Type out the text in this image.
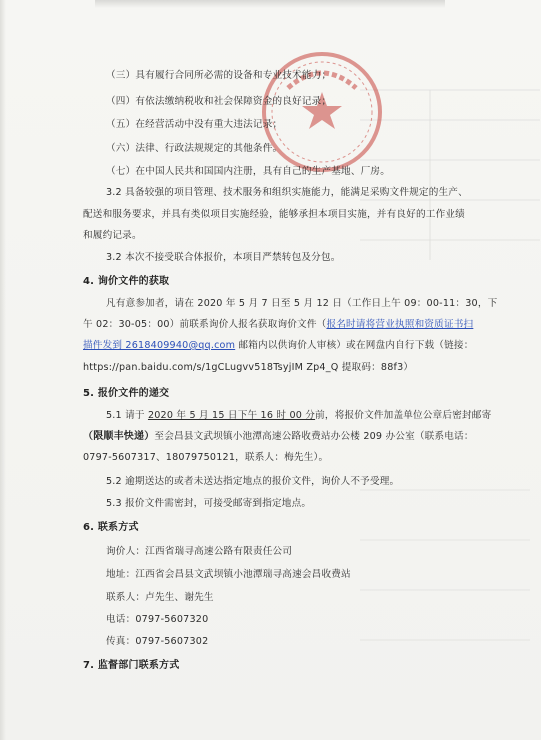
（三）具有履行合同所必需的设备和专业技术能力；
（四）有依法缴纳税收和社会保障资金的良好记录；
（五）在经营活动中没有重大违法记录；
（六）法律、行政法规规定的其他条件。
（七）在中国人民共和国国内注册，具有自己的生产基地、厂房。
3.2 具备较强的项目管理、技术服务和组织实施能力，能满足采购文件规定的生产、
配送和服务要求，并具有类似项目实施经验，能够承担本项目实施，并有良好的工作业绩
和履约记录。
3.2 本次不接受联合体报价，本项目严禁转包及分包。
4. 询价文件的获取
凡有意参加者，请在 2020 年 5 月 7 日至 5 月 12 日（工作日上午 09：00-11：30，下
午 02：30-05：00）前联系询价人报名获取询价文件（报名时请将营业执照和资质证书扫
描件发到 2618409940@qq.com 邮箱内以供询价人审核）或在网盘内自行下载（链接：
https://pan.baidu.com/s/1gCLugvv518TsyjIM Zp4_Q 提取码：88f3）
5. 报价文件的递交
5.1 请于 2020 年 5 月 15 日下午 16 时 00 分前，将报价文件加盖单位公章后密封邮寄
（限顺丰快递）至会昌县文武坝镇小池潭高速公路收费站办公楼 209 办公室（联系电话：
0797-5607317、18079750121，联系人：梅先生）。
5.2 逾期送达的或者未送达指定地点的报价文件，询价人不予受理。
5.3 报价文件需密封，可接受邮寄到指定地点。
6. 联系方式
询价人：江西省瑞寻高速公路有限责任公司
地址：江西省会昌县文武坝镇小池潭瑞寻高速会昌收费站
联系人：卢先生、谢先生
电话：0797-5607320
传真：0797-5607302
7. 监督部门联系方式
